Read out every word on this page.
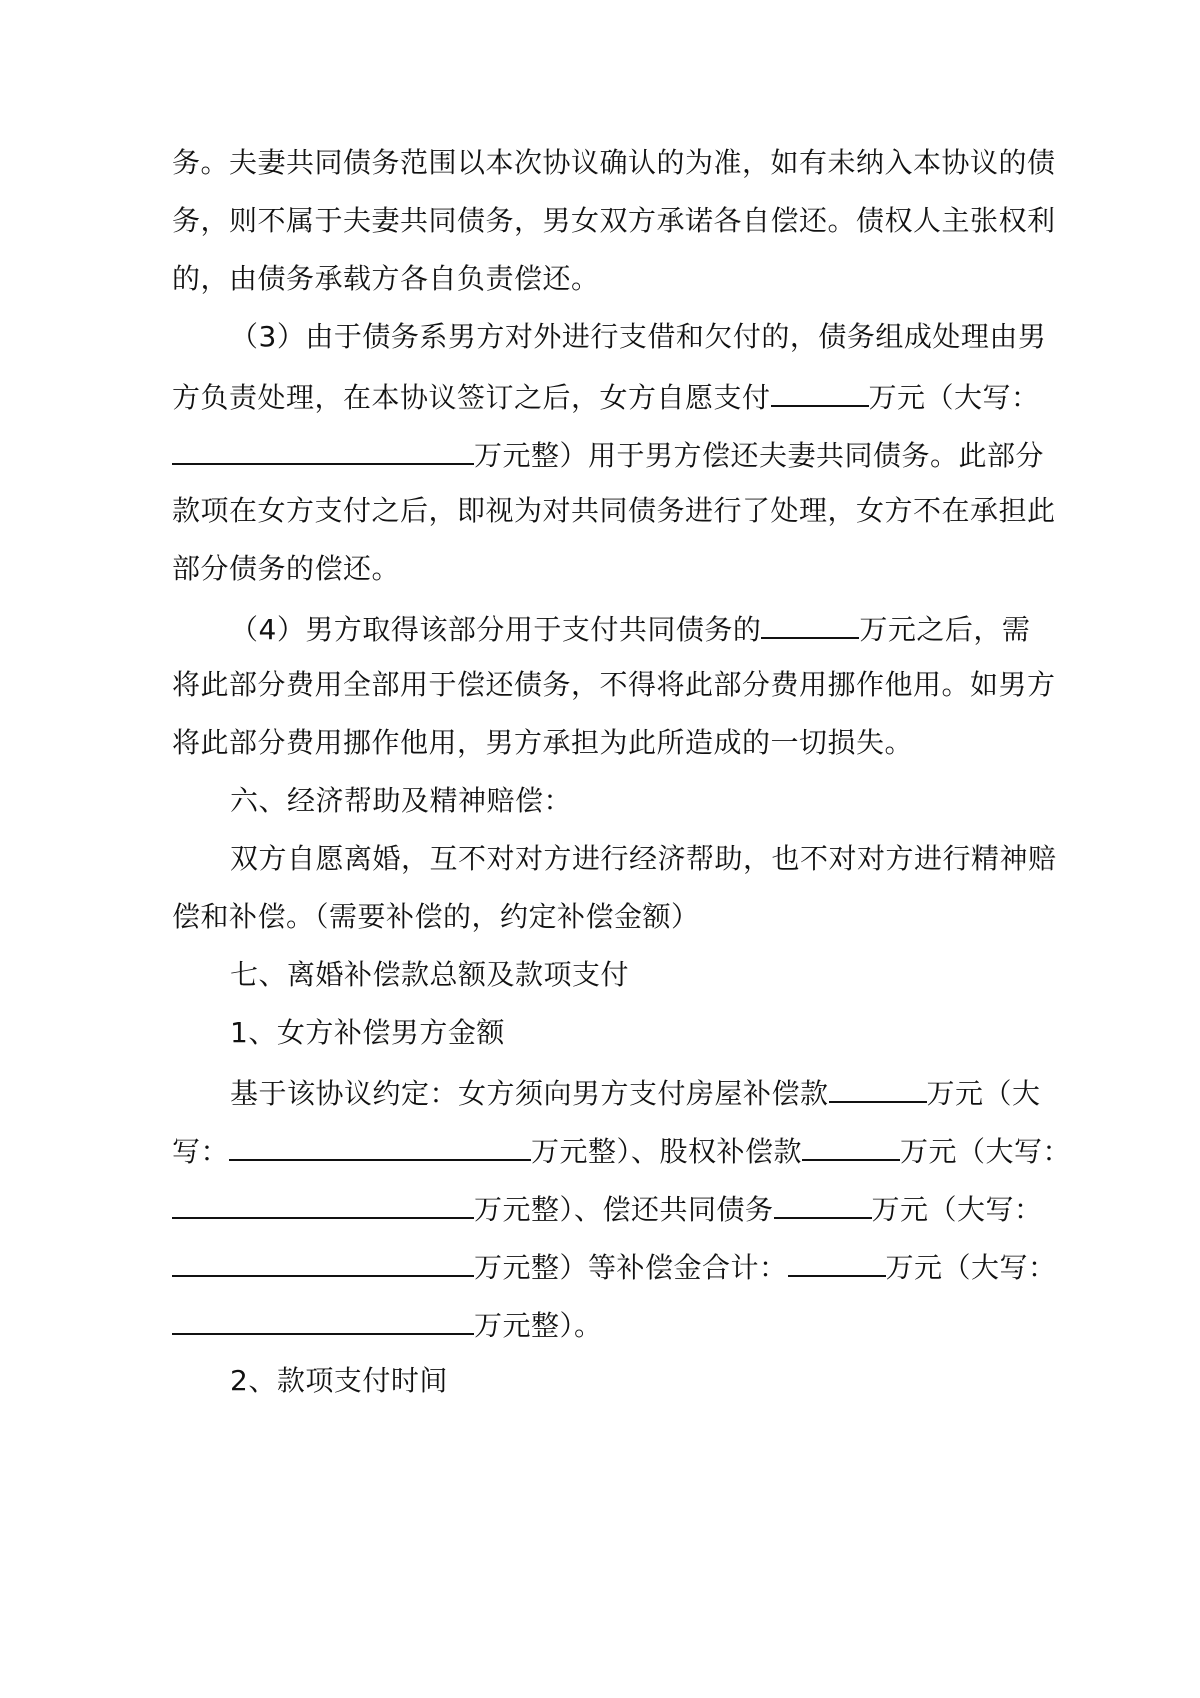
务。夫妻共同债务范围以本次协议确认的为准，如有未纳入本协议的债
务，则不属于夫妻共同债务，男女双方承诺各自偿还。债权人主张权利
的，由债务承载方各自负责偿还。
（3）由于债务系男方对外进行支借和欠付的，债务组成处理由男
方负责处理，在本协议签订之后，女方自愿支付	万元（大写：
万元整）用于男方偿还夫妻共同债务。此部分
款项在女方支付之后，即视为对共同债务进行了处理，女方不在承担此
部分债务的偿还。
（4）男方取得该部分用于支付共同债务的	万元之后，需
将此部分费用全部用于偿还债务，不得将此部分费用挪作他用。如男方
将此部分费用挪作他用，男方承担为此所造成的一切损失。
六、经济帮助及精神赔偿：
双方自愿离婚，互不对对方进行经济帮助，也不对对方进行精神赔
偿和补偿。（需要补偿的，约定补偿金额）
七、离婚补偿款总额及款项支付
1、女方补偿男方金额
基于该协议约定：女方须向男方支付房屋补偿款	万元（大
写：	万元整）、股权补偿款	万元（大写：
万元整）、偿还共同债务	万元（大写：
万元整）等补偿金合计：	万元（大写：
万元整）。
2、款项支付时间
